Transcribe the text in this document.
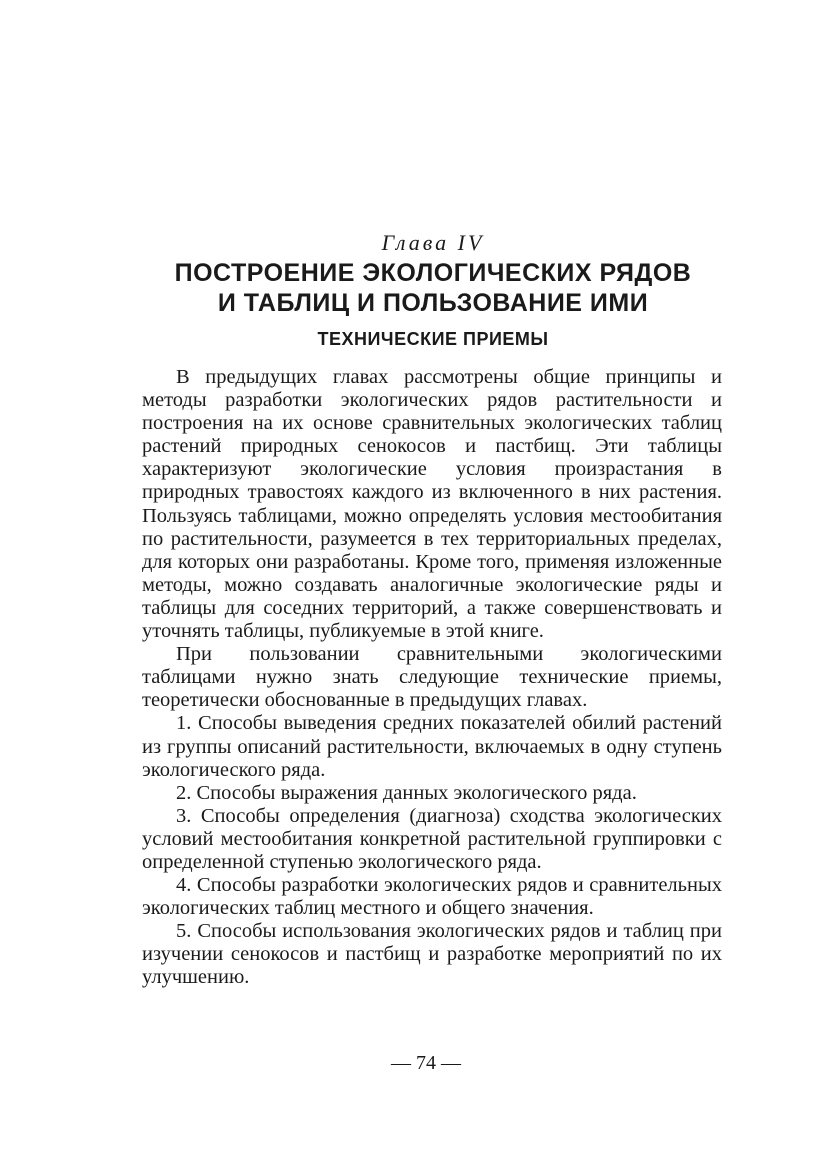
Глава IV
ПОСТРОЕНИЕ ЭКОЛОГИЧЕСКИХ РЯДОВ
И ТАБЛИЦ И ПОЛЬЗОВАНИЕ ИМИ
ТЕХНИЧЕСКИЕ ПРИЕМЫ

В предыдущих главах рассмотрены общие принципы и методы разработки экологических рядов растительности и построения на их основе сравнительных экологических таблиц растений природных сенокосов и пастбищ. Эти таблицы характеризуют экологические условия произрастания в природных травостоях каждого из включенного в них растения. Пользуясь таблицами, можно определять условия местообитания по растительности, разумеется в тех территориальных пределах, для которых они разработаны. Кроме того, применяя изложенные методы, можно создавать аналогичные экологические ряды и таблицы для соседних территорий, а также совершенствовать и уточнять таблицы, публикуемые в этой книге.

При пользовании сравнительными экологическими таблицами нужно знать следующие технические приемы, теоретически обоснованные в предыдущих главах.

1. Способы выведения средних показателей обилий растений из группы описаний растительности, включаемых в одну ступень экологического ряда.

2. Способы выражения данных экологического ряда.

3. Способы определения (диагноза) сходства экологических условий местообитания конкретной растительной группировки с определенной ступенью экологического ряда.

4. Способы разработки экологических рядов и сравнительных экологических таблиц местного и общего значения.

5. Способы использования экологических рядов и таблиц при изучении сенокосов и пастбищ и разработке мероприятий по их улучшению.

— 74 —
